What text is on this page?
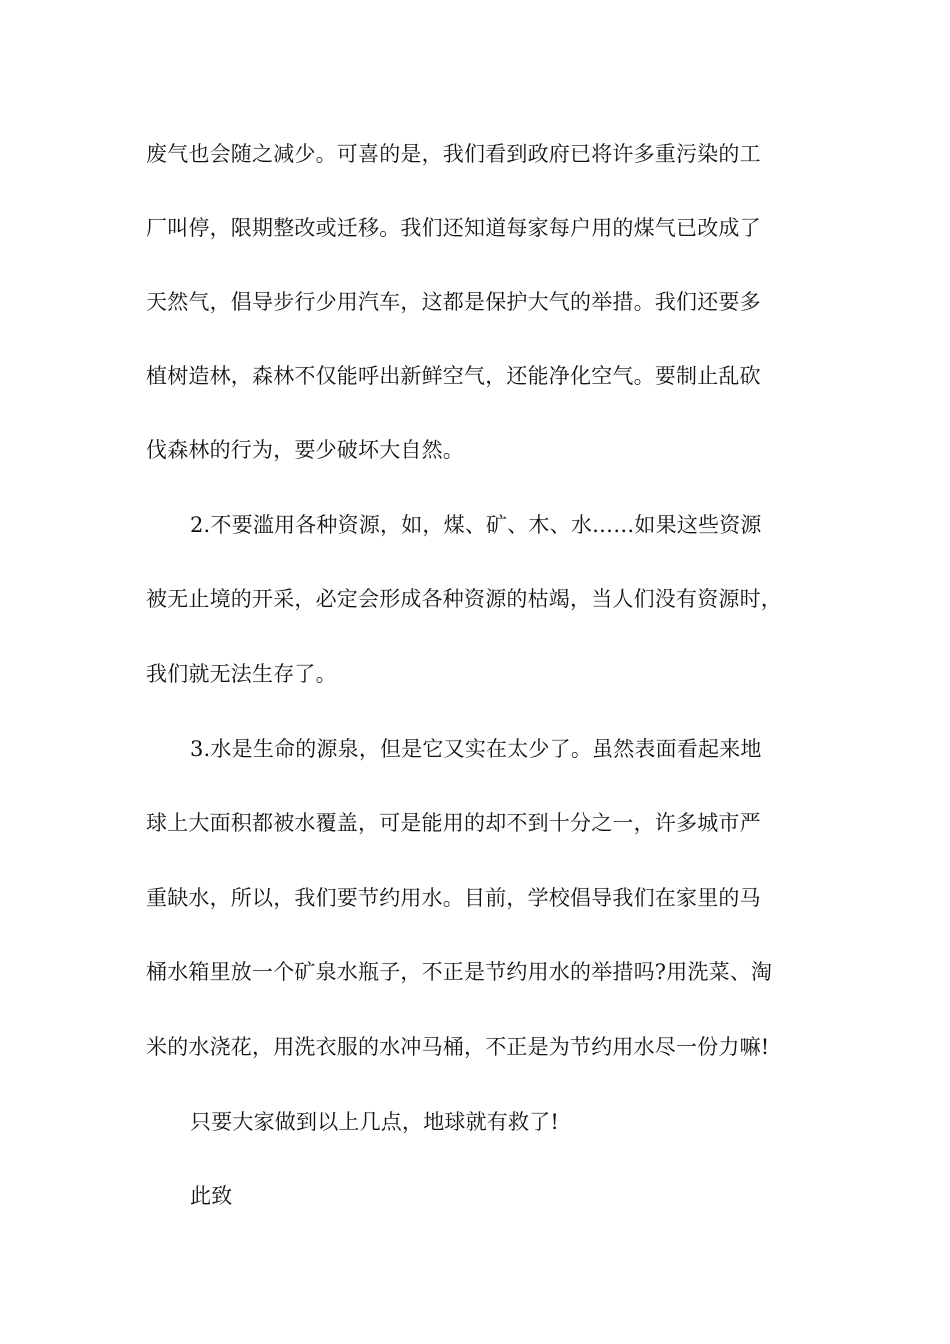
废气也会随之减少。可喜的是，我们看到政府已将许多重污染的工
厂叫停，限期整改或迁移。我们还知道每家每户用的煤气已改成了
天然气，倡导步行少用汽车，这都是保护大气的举措。我们还要多
植树造林，森林不仅能呼出新鲜空气，还能净化空气。要制止乱砍
伐森林的行为，要少破坏大自然。
2.不要滥用各种资源，如，煤、矿、木、水……如果这些资源
被无止境的开采，必定会形成各种资源的枯竭，当人们没有资源时，
我们就无法生存了。
3.水是生命的源泉，但是它又实在太少了。虽然表面看起来地
球上大面积都被水覆盖，可是能用的却不到十分之一，许多城市严
重缺水，所以，我们要节约用水。目前，学校倡导我们在家里的马
桶水箱里放一个矿泉水瓶子，不正是节约用水的举措吗?用洗菜、淘
米的水浇花，用洗衣服的水冲马桶，不正是为节约用水尽一份力嘛!
只要大家做到以上几点，地球就有救了!
此致
